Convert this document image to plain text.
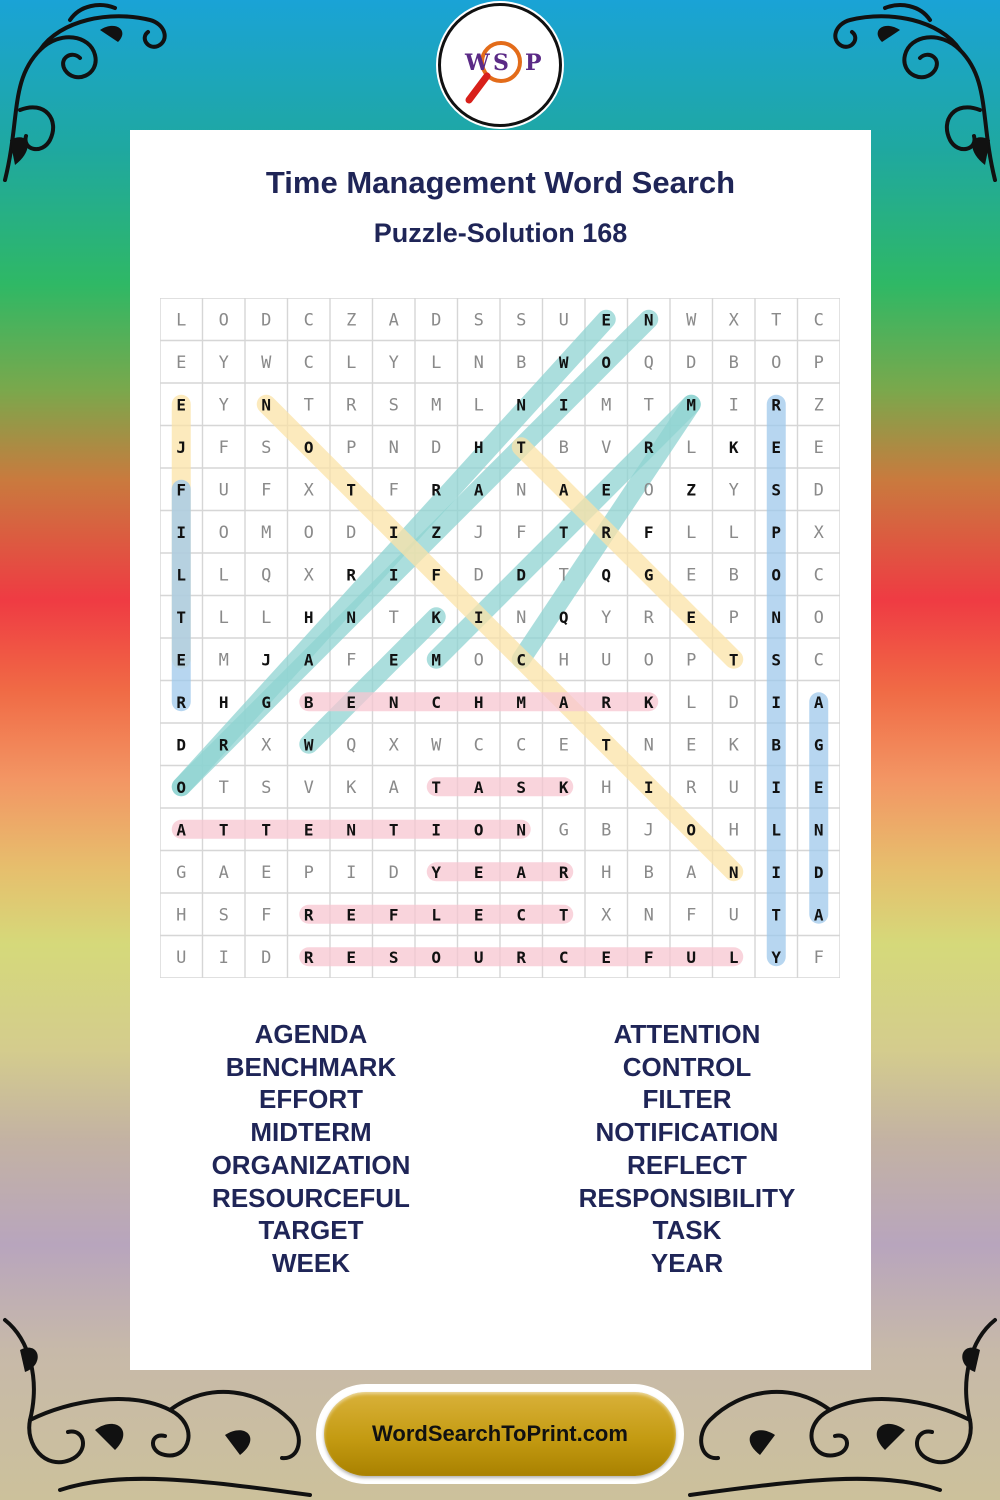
W S P
Time Management Word Search
Puzzle-Solution 168
L O D C Z A D S S U E N W X T C
E Y W C L Y L N B W O Q D B O P
E Y N T R S M L N I M T M I R Z
J F S O P N D H T B V R L K E E
F U F X T F R A N A E O Z Y S D
I O M O D I Z J F T R F L L P X
L L Q X R I F D D T Q G E B O C
T L L H N T K I N Q Y R E P N O
E M J A F E M O C H U O P T S C
R H G B E N C H M A R K L D I A
D R X W Q X W C C E T N E K B G
O T S V K A T A S K H I R U I E
A T T E N T I O N G B J O H L N
G A E P I D Y E A R H B A N I D
H S F R E F L E C T X N F U T A
U I D R E S O U R C E F U L Y F
AGENDA
BENCHMARK
EFFORT
MIDTERM
ORGANIZATION
RESOURCEFUL
TARGET
WEEK
ATTENTION
CONTROL
FILTER
NOTIFICATION
REFLECT
RESPONSIBILITY
TASK
YEAR
WordSearchToPrint.com
